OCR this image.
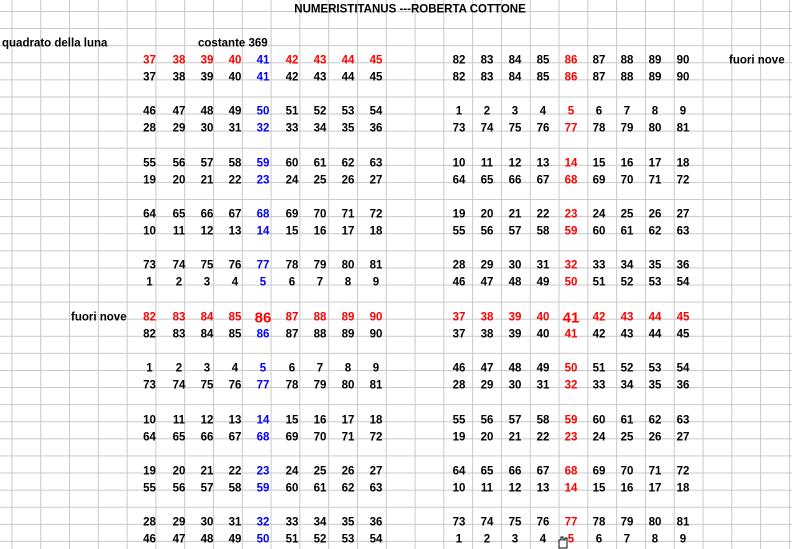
NUMERISTITANUS ---ROBERTA COTTONE
quadrato della luna	costante 369
fuori nove
fuori nove
37 38 39 40 41 42 43 44 45
37 38 39 40 41 42 43 44 45
46 47 48 49 50 51 52 53 54
28 29 30 31 32 33 34 35 36
55 56 57 58 59 60 61 62 63
19 20 21 22 23 24 25 26 27
64 65 66 67 68 69 70 71 72
10 11 12 13 14 15 16 17 18
73 74 75 76 77 78 79 80 81
1 2 3 4 5 6 7 8 9
82 83 84 85 86 87 88 89 90
82 83 84 85 86 87 88 89 90
1 2 3 4 5 6 7 8 9
73 74 75 76 77 78 79 80 81
10 11 12 13 14 15 16 17 18
64 65 66 67 68 69 70 71 72
19 20 21 22 23 24 25 26 27
55 56 57 58 59 60 61 62 63
28 29 30 31 32 33 34 35 36
46 47 48 49 50 51 52 53 54
82 83 84 85 86 87 88 89 90
82 83 84 85 86 87 88 89 90
1 2 3 4 5 6 7 8 9
73 74 75 76 77 78 79 80 81
10 11 12 13 14 15 16 17 18
64 65 66 67 68 69 70 71 72
19 20 21 22 23 24 25 26 27
55 56 57 58 59 60 61 62 63
28 29 30 31 32 33 34 35 36
46 47 48 49 50 51 52 53 54
37 38 39 40 41 42 43 44 45
37 38 39 40 41 42 43 44 45
46 47 48 49 50 51 52 53 54
28 29 30 31 32 33 34 35 36
55 56 57 58 59 60 61 62 63
19 20 21 22 23 24 25 26 27
64 65 66 67 68 69 70 71 72
10 11 12 13 14 15 16 17 18
73 74 75 76 77 78 79 80 81
1 2 3 4 5 6 7 8 9
